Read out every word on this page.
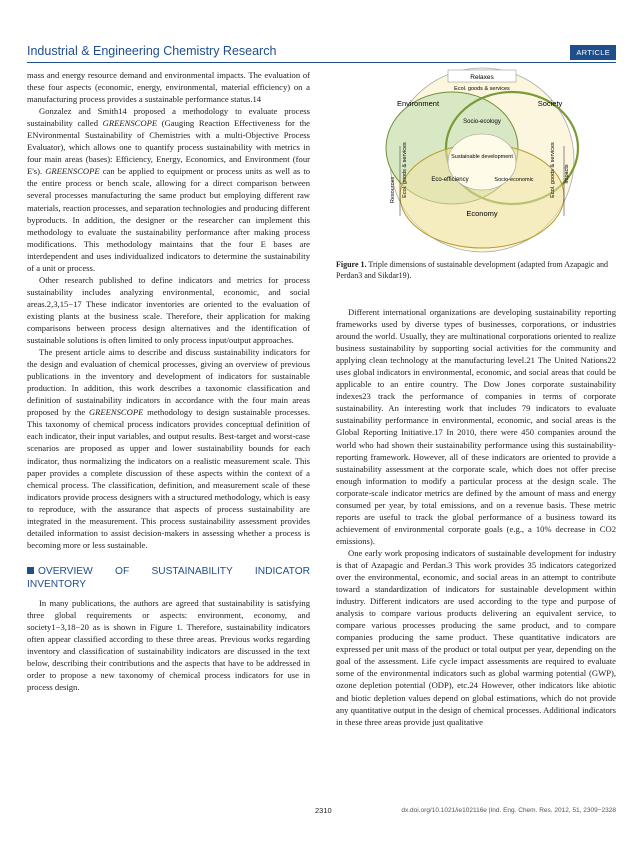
Industrial & Engineering Chemistry Research	ARTICLE

mass and energy resource demand and environmental impacts. The evaluation of these four aspects (economic, energy, environmental, material efficiency) on a manufacturing process provides a sustainable performance status.14

Gonzalez and Smith14 proposed a methodology to evaluate process sustainability called GREENSCOPE (Gauging Reaction Effectiveness for the ENvironmental Sustainability of Chemistries with a multi-Objective Process Evaluator), which allows one to quantify process sustainability with metrics in four main areas (bases): Efficiency, Energy, Economics, and Environment (four E's). GREENSCOPE can be applied to equipment or process units as well as to the entire process or bench scale, allowing for a direct comparison between several processes manufacturing the same product but employing different raw materials, reaction processes, and separation technologies and producing different byproducts. In addition, the designer or the researcher can implement this methodology to evaluate the sustainability performance after making process modifications. This methodology maintains that the four E bases are interdependent and uses individualized indicators to determine the sustainability of a unit or process.

Other research published to define indicators and metrics for process sustainability includes analyzing environmental, economic, and social areas.2,3,15−17 These indicator inventories are oriented to the evaluation of existing plants at the business scale. Therefore, their application for making comparisons between process design alternatives and the identification of sustainable solutions is often limited to only process input/output approaches.

The present article aims to describe and discuss sustainability indicators for the design and evaluation of chemical processes, giving an overview of previous publications in the inventory and development of indicators for sustainable production. In addition, this work describes a taxonomic classification and definition of sustainability indicators in accordance with the four main areas proposed by the GREENSCOPE methodology to design sustainable processes. This taxonomy of chemical process indicators provides conceptual definition of each indicator, their input variables, and output results. Best-target and worst-case scenarios are proposed as upper and lower sustainability bounds for each indicator, thus normalizing the indicators on a realistic measurement scale. This paper provides a complete discussion of these aspects within the context of a chemical process. The classification, definition, and measurement scale of these indicators provide process designers with a structured methodology, which is easy to reproduce, with the assurance that aspects of process sustainability are integrated in the measurement. This process sustainability assessment provides detailed information to assist decision-makers in assessing whether a process is becoming more or less sustainable.

OVERVIEW OF SUSTAINABILITY INDICATOR INVENTORY

In many publications, the authors are agreed that sustainability is satisfying three global requirements or aspects: environment, economy, and society1−3,18−20 as is shown in Figure 1. Therefore, sustainability indicators often appear classified according to these three areas. Previous works regarding inventory and classification of sustainability indicators are discussed in the text below, describing their contributions and the aspects that have to be addressed in order to propose a new taxonomy of chemical process indicators for use in process design.

Relaxes
Ecol. goods & services
Environment	Society
Socio-ecology
Sustainable development
Eco-efficiency	Socio-economic
Economy
Resources Ecol. goods & services	Ecol. goods & services Impacts
Figure 1. Triple dimensions of sustainable development (adapted from Azapagic and Perdan3 and Sikdar19).

Different international organizations are developing sustainability reporting frameworks used by diverse types of businesses, corporations, or industries around the world. Usually, they are multinational corporations oriented to realize business sustainability by supporting social activities for the community and applying clean technology at the manufacturing level.21 The United Nations22 uses global indicators in environmental, economic, and social areas that could be applicable to an entire country. The Dow Jones corporate sustainability indexes23 track the performance of companies in terms of corporate sustainability. An interesting work that includes 79 indicators to evaluate sustainability performance in environmental, economic, and social areas is the Global Reporting Initiative.17 In 2010, there were 450 companies around the world who had shown their sustainability performance using this sustainability-reporting framework. However, all of these indicators are oriented to provide a sustainability assessment at the corporate scale, which does not offer precise enough information to modify a particular process at the design scale. The corporate-scale indicator metrics are defined by the amount of mass and energy consumed per year, by total emissions, and on a revenue basis. These metric reports are useful to track the global performance of a business toward its achievement of environmental corporate goals (e.g., a 10% decrease in CO2 emissions).

One early work proposing indicators of sustainable development for industry is that of Azapagic and Perdan.3 This work provides 35 indicators categorized over the environmental, economic, and social areas in an attempt to contribute toward a standardization of indicators for sustainable development within industry. Different indicators are used according to the type and purpose of analysis to compare various products delivering an equivalent service, to compare various processes producing the same product, and to compare companies producing the same product. These quantitative indicators are expressed per unit mass of the product or total output per year, depending on the goal of the assessment. Life cycle impact assessments are required to evaluate some of the environmental indicators such as global warming potential (GWP), ozone depletion potential (ODP), etc.24 However, other indicators like abiotic and biotic depletion values depend on global estimations, which do not provide any quantitative output in the design of chemical processes. Additional indicators in these three areas provide just qualitative

2310	dx.doi.org/10.1021/ie102116e |Ind. Eng. Chem. Res. 2012, 51, 2309−2328
